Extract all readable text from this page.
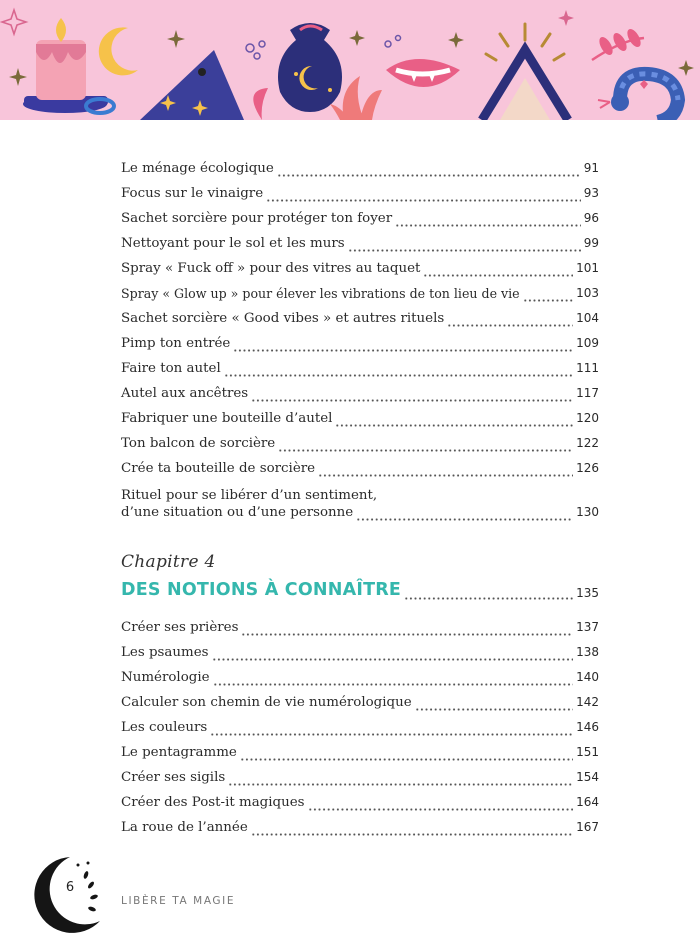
Le ménage écologique	91
Focus sur le vinaigre	93
Sachet sorcière pour protéger ton foyer	96
Nettoyant pour le sol et les murs	99
Spray « Fuck off » pour des vitres au taquet	101
Spray « Glow up » pour élever les vibrations de ton lieu de vie	103
Sachet sorcière « Good vibes » et autres rituels	104
Pimp ton entrée	109
Faire ton autel	111
Autel aux ancêtres	117
Fabriquer une bouteille d’autel	120
Ton balcon de sorcière	122
Crée ta bouteille de sorcière	126
Rituel pour se libérer d’un sentiment,
d’une situation ou d’une personne	130
Chapitre 4
DES NOTIONS À CONNAÎTRE	135
Créer ses prières	137
Les psaumes	138
Numérologie	140
Calculer son chemin de vie numérologique	142
Les couleurs	146
Le pentagramme	151
Créer ses sigils	154
Créer des Post-it magiques	164
La roue de l’année	167
6
LIBÈRE TA MAGIE
